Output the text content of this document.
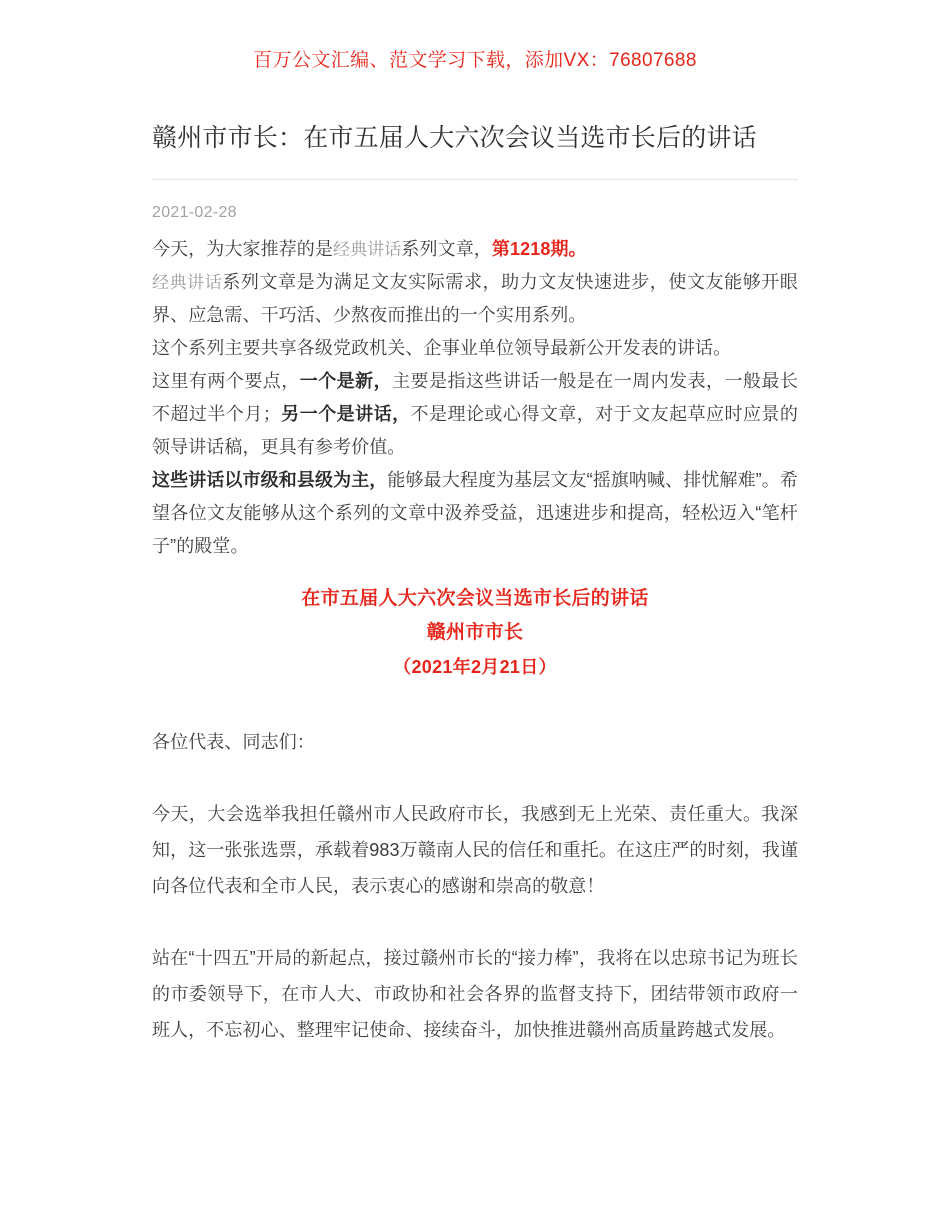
百万公文汇编、范文学习下载，添加VX：76807688
赣州市市长：在市五届人大六次会议当选市长后的讲话
2021-02-28

今天，为大家推荐的是经典讲话系列文章，第1218期。

经典讲话系列文章是为满足文友实际需求，助力文友快速进步，使文友能够开眼界、应急需、干巧活、少熬夜而推出的一个实用系列。

这个系列主要共享各级党政机关、企事业单位领导最新公开发表的讲话。

这里有两个要点，一个是新，主要是指这些讲话一般是在一周内发表，一般最长不超过半个月；另一个是讲话，不是理论或心得文章，对于文友起草应时应景的领导讲话稿，更具有参考价值。

这些讲话以市级和县级为主，能够最大程度为基层文友“摇旗呐喊、排忧解难”。希望各位文友能够从这个系列的文章中汲养受益，迅速进步和提高，轻松迈入“笔杆子”的殿堂。

在市五届人大六次会议当选市长后的讲话

赣州市市长

（2021年2月21日）

各位代表、同志们：

今天，大会选举我担任赣州市人民政府市长，我感到无上光荣、责任重大。我深知，这一张张选票，承载着983万赣南人民的信任和重托。在这庄严的时刻，我谨向各位代表和全市人民，表示衷心的感谢和崇高的敬意！

站在“十四五”开局的新起点，接过赣州市长的“接力棒”，我将在以忠琼书记为班长的市委领导下，在市人大、市政协和社会各界的监督支持下，团结带领市政府一班人，不忘初心、整理牢记使命、接续奋斗，加快推进赣州高质量跨越式发展。
